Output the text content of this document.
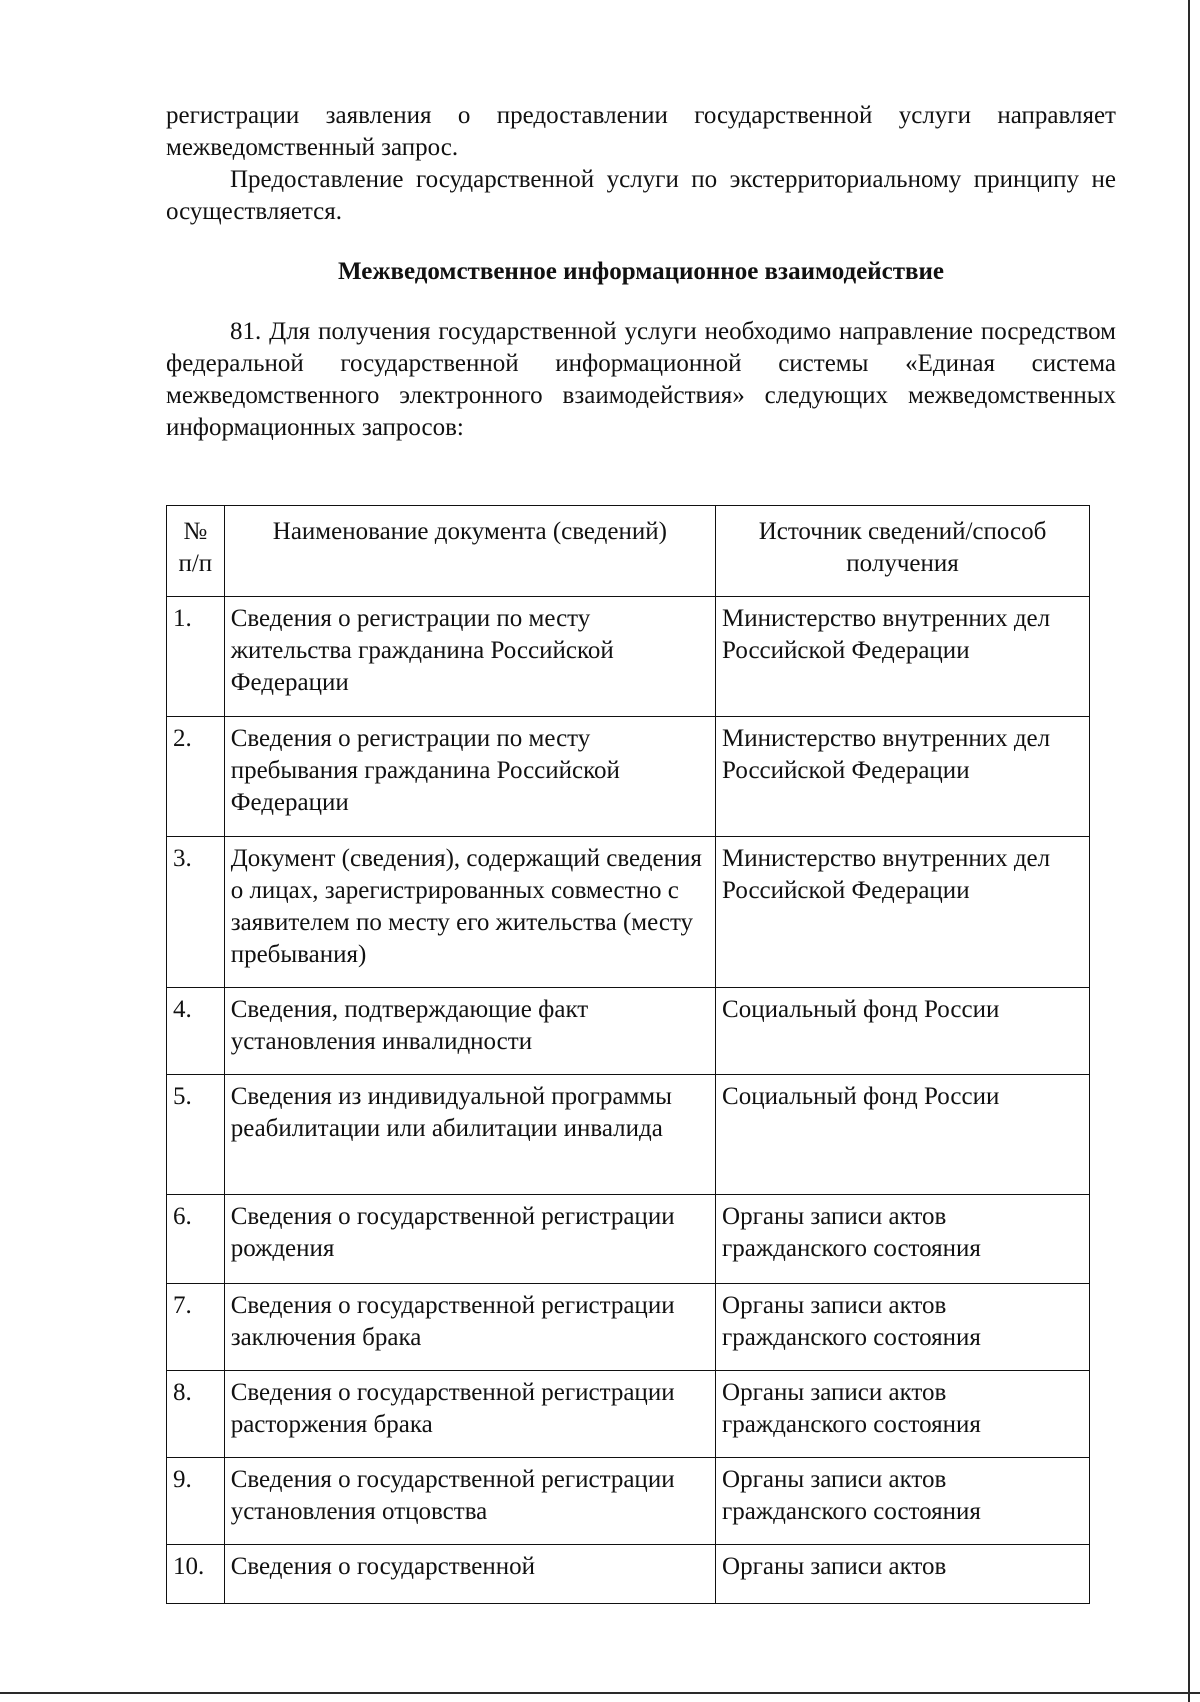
регистрации заявления о предоставлении государственной услуги направляет межведомственный запрос.

Предоставление государственной услуги по экстерриториальному принципу не осуществляется.

Межведомственное информационное взаимодействие

81. Для получения государственной услуги необходимо направление посредством федеральной государственной информационной системы «Единая система межведомственного электронного взаимодействия» следующих межведомственных информационных запросов:

№ п/п	Наименование документа (сведений)	Источник сведений/способ получения
1.	Сведения о регистрации по месту жительства гражданина Российской Федерации	Министерство внутренних дел Российской Федерации
2.	Сведения о регистрации по месту пребывания гражданина Российской Федерации	Министерство внутренних дел Российской Федерации
3.	Документ (сведения), содержащий сведения о лицах, зарегистрированных совместно с заявителем по месту его жительства (месту пребывания)	Министерство внутренних дел Российской Федерации
4.	Сведения, подтверждающие факт установления инвалидности	Социальный фонд России
5.	Сведения из индивидуальной программы реабилитации или абилитации инвалида	Социальный фонд России
6.	Сведения о государственной регистрации рождения	Органы записи актов гражданского состояния
7.	Сведения о государственной регистрации заключения брака	Органы записи актов гражданского состояния
8.	Сведения о государственной регистрации расторжения брака	Органы записи актов гражданского состояния
9.	Сведения о государственной регистрации установления отцовства	Органы записи актов гражданского состояния
10.	Сведения о государственной	Органы записи актов
